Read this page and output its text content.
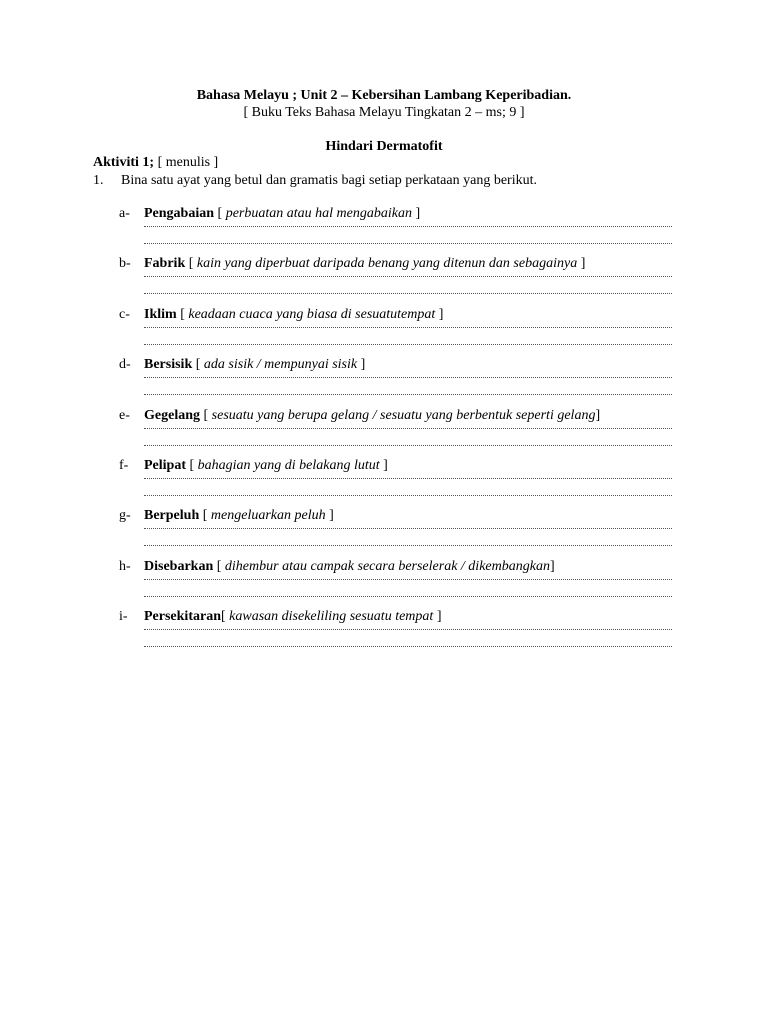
Bahasa Melayu ; Unit 2 – Kebersihan Lambang Keperibadian.
[ Buku Teks Bahasa Melayu Tingkatan 2 – ms; 9 ]
Hindari Dermatofit
Aktiviti 1; [ menulis ]
1. Bina satu ayat yang betul dan gramatis bagi setiap perkataan yang berikut.
a- Pengabaian [ perbuatan atau hal mengabaikan ]
b- Fabrik [ kain yang diperbuat daripada benang yang ditenun dan sebagainya ]
c- Iklim [ keadaan cuaca yang biasa di sesuatutempat ]
d- Bersisik [ ada sisik / mempunyai sisik ]
e- Gegelang [ sesuatu yang berupa gelang / sesuatu yang berbentuk seperti gelang]
f- Pelipat [ bahagian yang di belakang lutut ]
g- Berpeluh [ mengeluarkan peluh ]
h- Disebarkan [ dihembur atau campak secara berselerak / dikembangkan]
i- Persekitaran[ kawasan disekeliling sesuatu tempat ]
